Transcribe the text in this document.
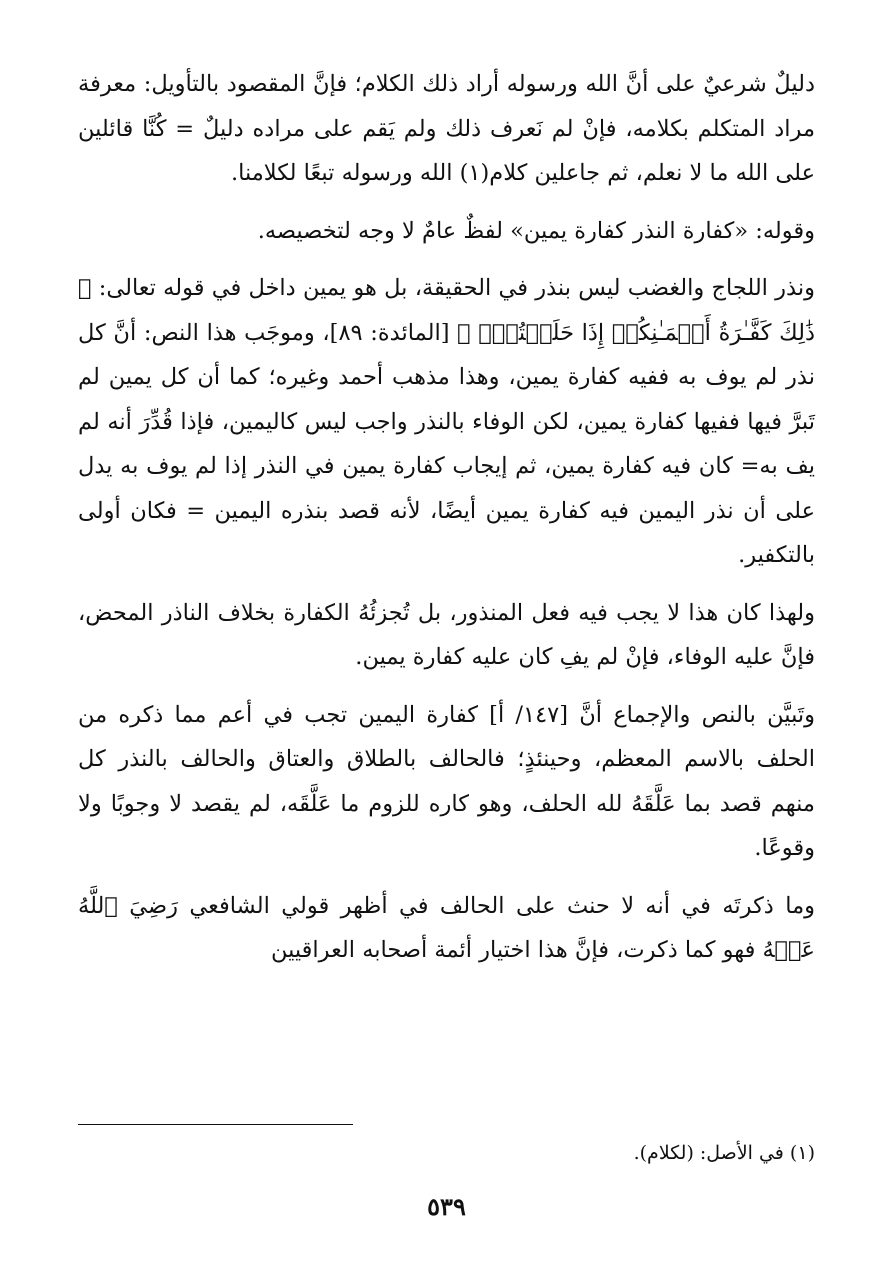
دليلٌ شرعيٌ على أنَّ الله ورسوله أراد ذلك الكلام؛ فإنَّ المقصود بالتأويل: معرفة مراد المتكلم بكلامه، فإنْ لم نَعرف ذلك ولم يَقم على مراده دليلٌ = كُنَّا قائلين على الله ما لا نعلم، ثم جاعلين كلام(١) الله ورسوله تبعًا لكلامنا.

وقوله: «كفارة النذر كفارة يمين» لفظٌ عامٌ لا وجه لتخصيصه.

ونذر اللجاج والغضب ليس بنذر في الحقيقة، بل هو يمين داخل في قوله تعالى: ﴿ ذَٰلِكَ كَفَّـٰرَةُ أَيۡمَـٰنِكُمۡ إِذَا حَلَفۡتُمۡۚ ﴾ [المائدة: ٨٩]، وموجَب هذا النص: أنَّ كل نذر لم يوف به ففيه كفارة يمين، وهذا مذهب أحمد وغيره؛ كما أن كل يمين لم تَبرَّ فيها ففيها كفارة يمين، لكن الوفاء بالنذر واجب ليس كاليمين، فإذا قُدِّرَ أنه لم يف به= كان فيه كفارة يمين، ثم إيجاب كفارة يمين في النذر إذا لم يوف به يدل على أن نذر اليمين فيه كفارة يمين أيضًا، لأنه قصد بنذره اليمين = فكان أولى بالتكفير.

ولهذا كان هذا لا يجب فيه فعل المنذور، بل تُجزئُهُ الكفارة بخلاف الناذر المحض، فإنَّ عليه الوفاء، فإنْ لم يفِ كان عليه كفارة يمين.

وتَبيَّن بالنص والإجماع أنَّ [١٤٧/ أ] كفارة اليمين تجب في أعم مما ذكره من الحلف بالاسم المعظم، وحينئذٍ؛ فالحالف بالطلاق والعتاق والحالف بالنذر كل منهم قصد بما عَلَّقَهُ لله الحلف، وهو كاره للزوم ما عَلَّقَه، لم يقصد لا وجوبًا ولا وقوعًا.

وما ذكرتَه في أنه لا حنث على الحالف في أظهر قولي الشافعي رَضِيَ ٱللَّهُ عَنۡهُ فهو كما ذكرت، فإنَّ هذا اختيار أئمة أصحابه العراقيين

(١) في الأصل: (لكلام).
٥٣٩
